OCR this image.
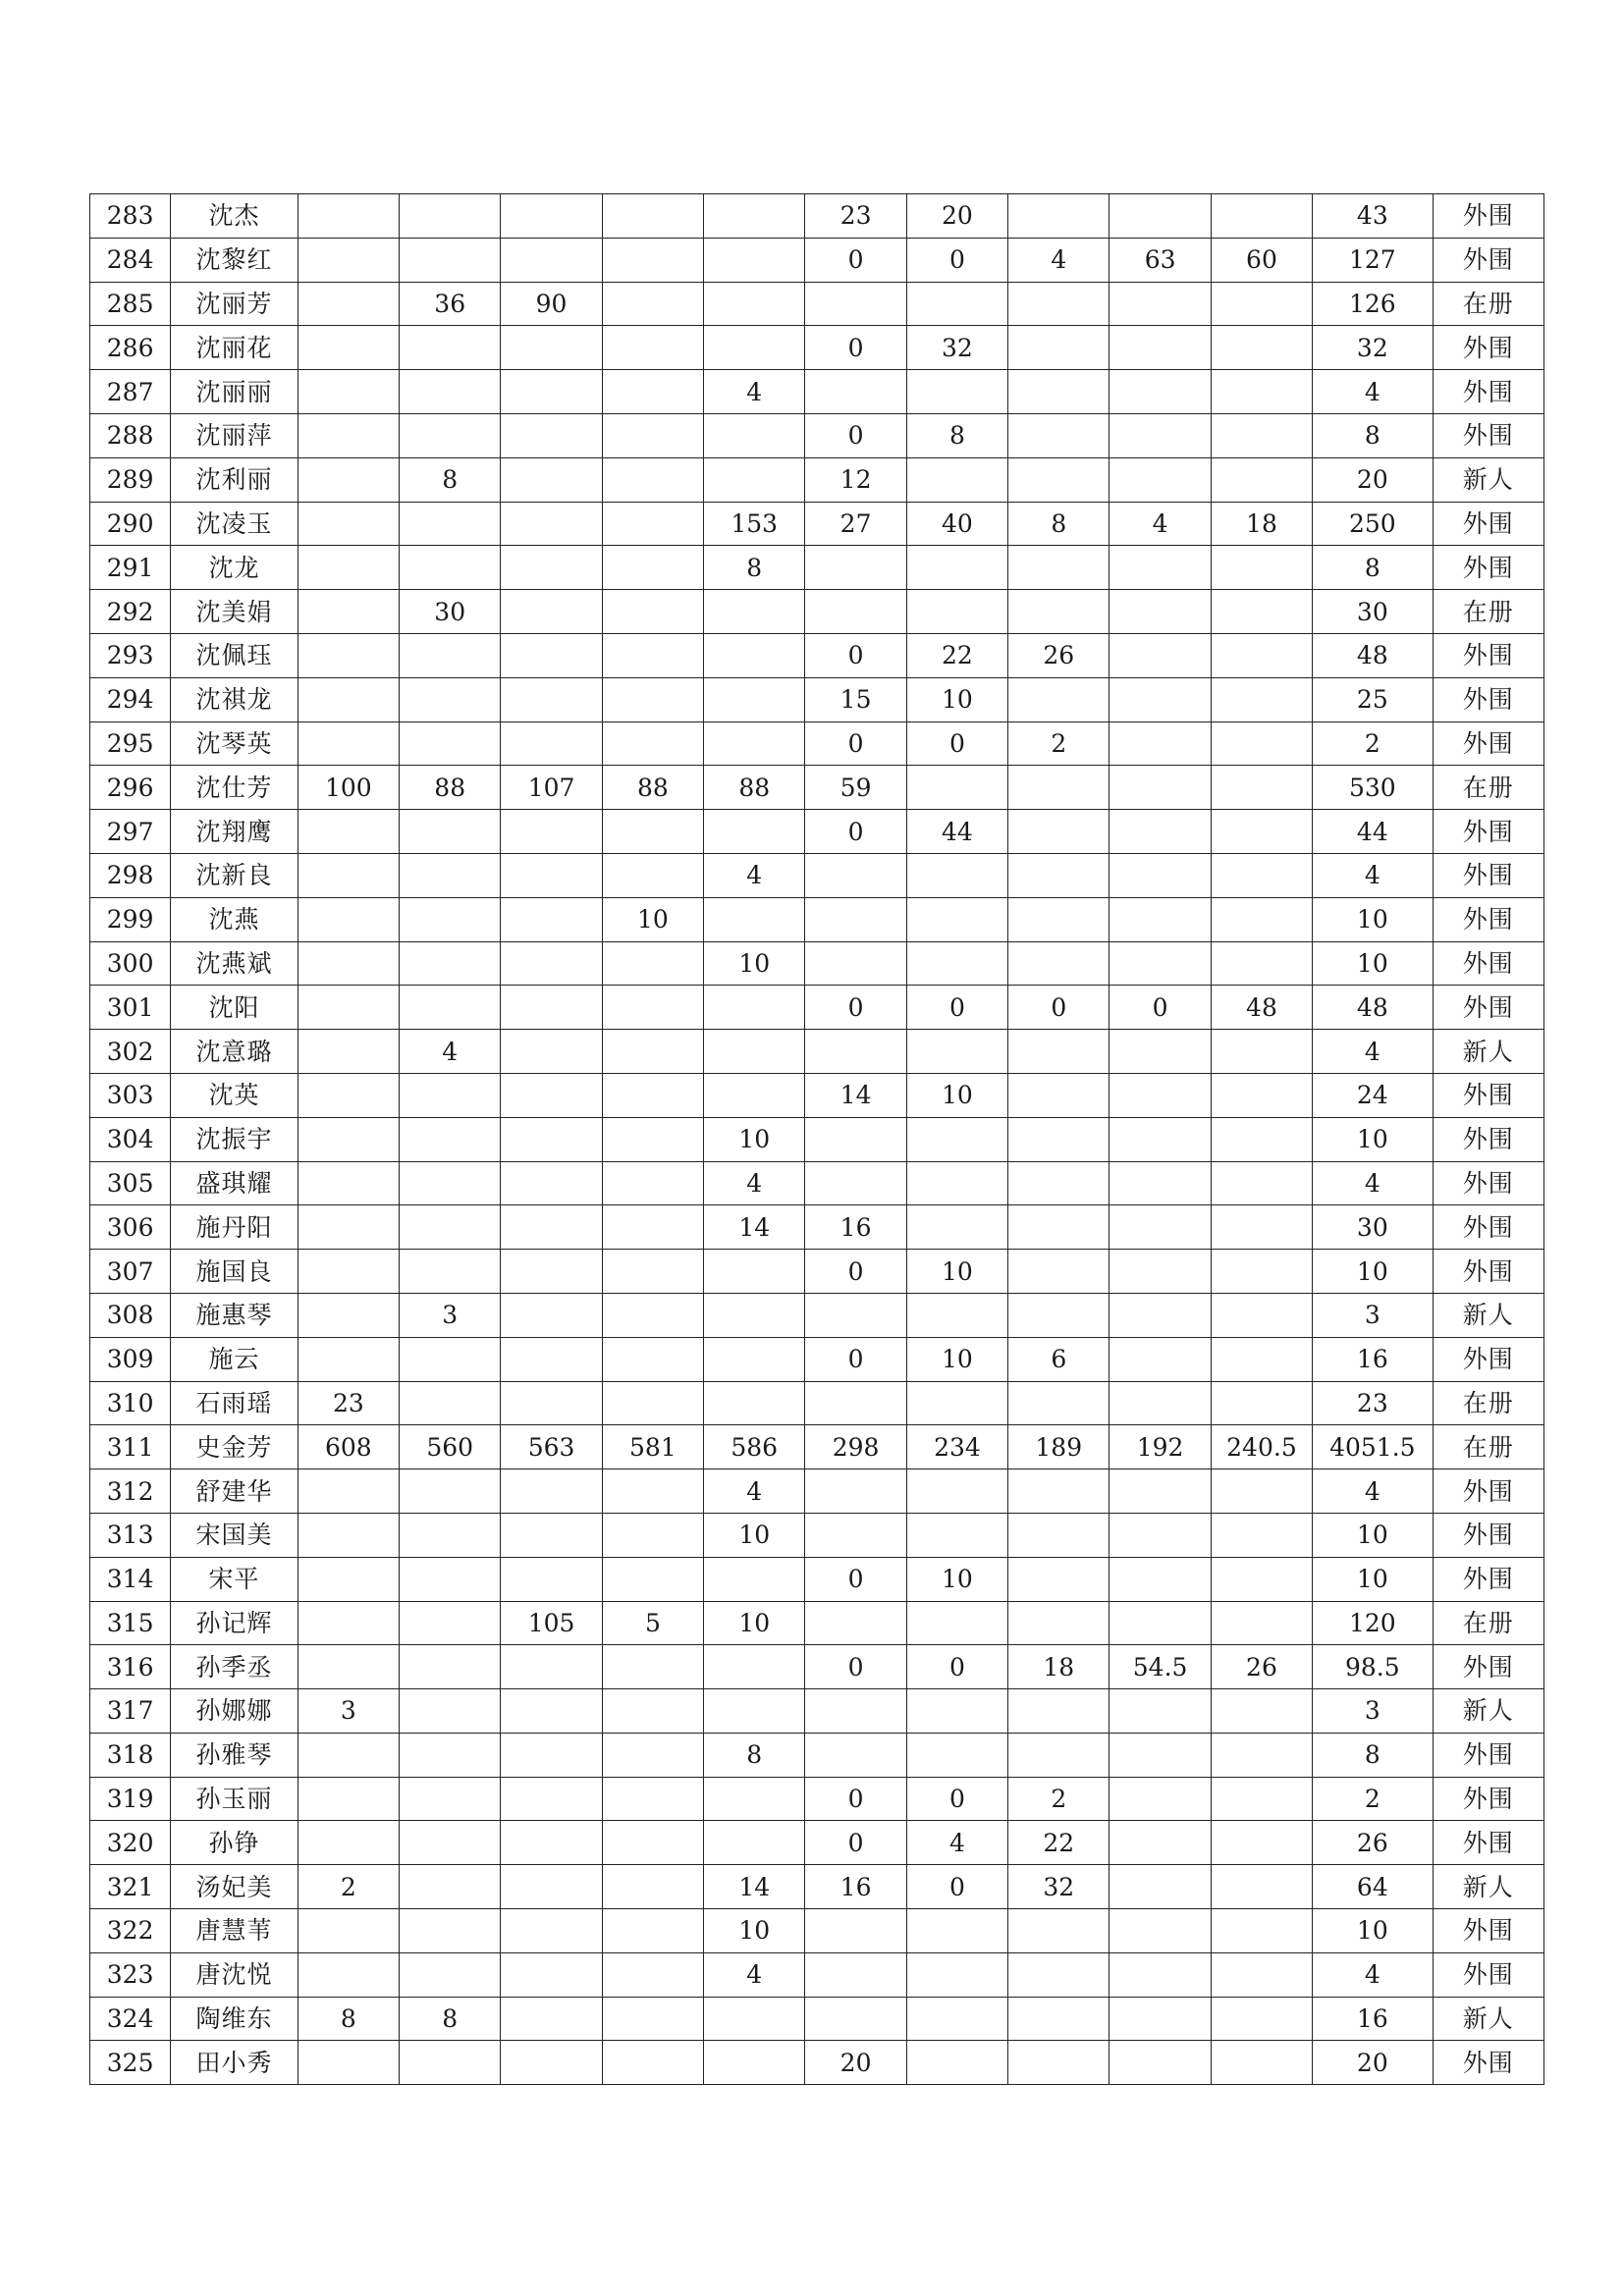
283	沈杰						23	20				43	外围
284	沈黎红						0	0	4	63	60	127	外围
285	沈丽芳		36	90								126	在册
286	沈丽花						0	32				32	外围
287	沈丽丽					4						4	外围
288	沈丽萍						0	8				8	外围
289	沈利丽		8				12					20	新人
290	沈凌玉					153	27	40	8	4	18	250	外围
291	沈龙					8						8	外围
292	沈美娟		30									30	在册
293	沈佩珏						0	22	26			48	外围
294	沈祺龙						15	10				25	外围
295	沈琴英						0	0	2			2	外围
296	沈仕芳	100	88	107	88	88	59					530	在册
297	沈翔鹰						0	44				44	外围
298	沈新良					4						4	外围
299	沈燕				10							10	外围
300	沈燕斌					10						10	外围
301	沈阳						0	0	0	0	48	48	外围
302	沈意璐		4									4	新人
303	沈英						14	10				24	外围
304	沈振宇					10						10	外围
305	盛琪耀					4						4	外围
306	施丹阳					14	16					30	外围
307	施国良						0	10				10	外围
308	施惠琴		3									3	新人
309	施云						0	10	6			16	外围
310	石雨瑶	23										23	在册
311	史金芳	608	560	563	581	586	298	234	189	192	240.5	4051.5	在册
312	舒建华					4						4	外围
313	宋国美					10						10	外围
314	宋平						0	10				10	外围
315	孙记辉			105	5	10						120	在册
316	孙季丞						0	0	18	54.5	26	98.5	外围
317	孙娜娜	3										3	新人
318	孙雅琴					8						8	外围
319	孙玉丽						0	0	2			2	外围
320	孙铮						0	4	22			26	外围
321	汤妃美	2				14	16	0	32			64	新人
322	唐慧苇					10						10	外围
323	唐沈悦					4						4	外围
324	陶维东	8	8									16	新人
325	田小秀						20					20	外围
